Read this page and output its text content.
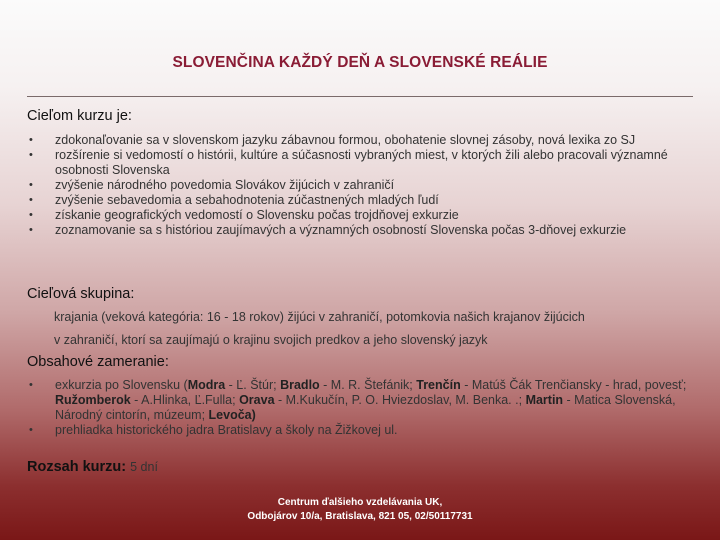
SLOVENČINA KAŽDÝ DEŇ A SLOVENSKÉ REÁLIE
Cieľom kurzu je:
• zdokonaľovanie sa v slovenskom jazyku zábavnou formou, obohatenie slovnej zásoby, nová lexika zo SJ
• rozšírenie si vedomostí o histórii, kultúre a súčasnosti vybraných miest, v ktorých žili alebo pracovali významné osobnosti Slovenska
• zvýšenie národného povedomia Slovákov žijúcich v zahraničí
• zvýšenie sebavedomia a sebahodnotenia zúčastnených mladých ľudí
• získanie geografických vedomostí o Slovensku počas trojdňovej exkurzie
• zoznamovanie sa s históriou zaujímavých a významných osobností Slovenska počas 3-dňovej exkurzie
Cieľová skupina:
krajania (veková kategória: 16 - 18 rokov) žijúci v zahraničí, potomkovia našich krajanov žijúcich
v zahraničí, ktorí sa zaujímajú o krajinu svojich predkov a jeho slovenský jazyk
Obsahové zameranie:
• exkurzia po Slovensku (Modra - Ľ. Štúr; Bradlo - M. R. Štefánik; Trenčín - Matúš Čák Trenčiansky - hrad, povesť; Ružomberok - A.Hlinka, Ľ.Fulla; Orava - M.Kukučín, P. O. Hviezdoslav, M. Benka. .; Martin - Matica Slovenská, Národný cintorín, múzeum; Levoča)
• prehliadka historického jadra Bratislavy a školy na Žižkovej ul.
Rozsah kurzu: 5 dní
Centrum ďalšieho vzdelávania UK,
Odbojárov 10/a, Bratislava, 821 05, 02/50117731
